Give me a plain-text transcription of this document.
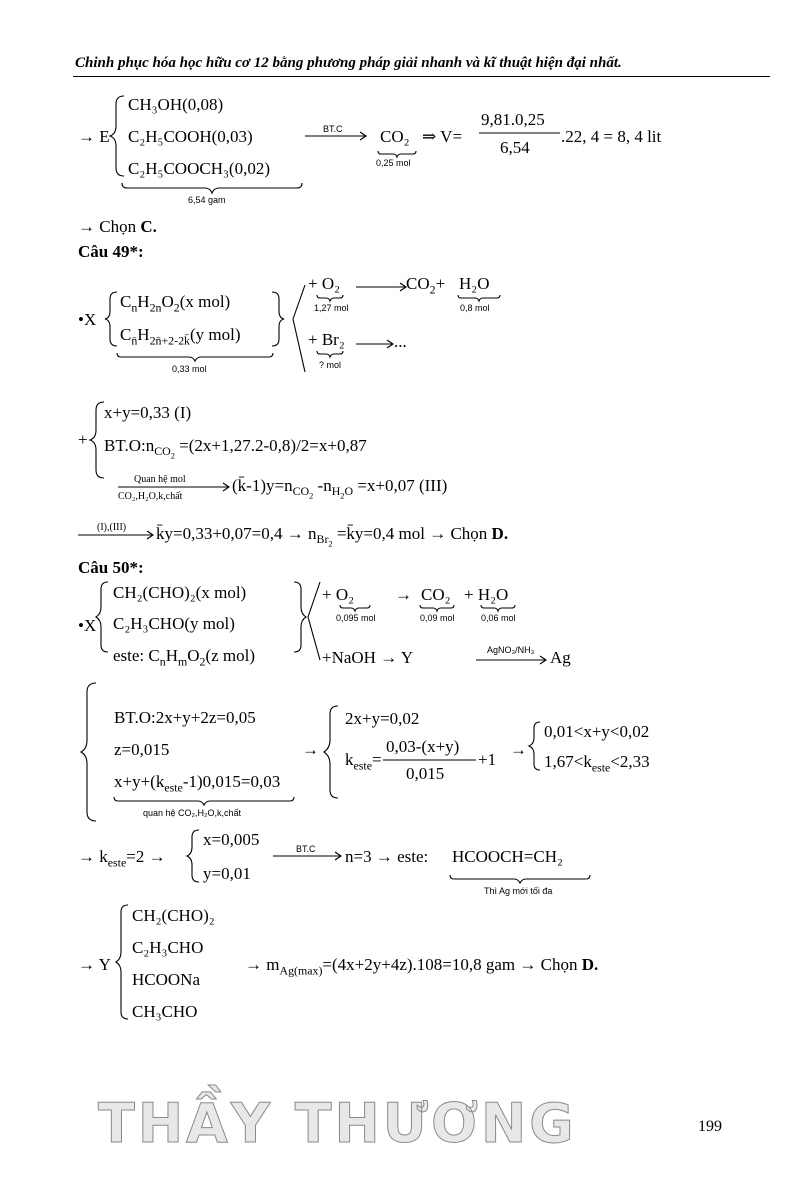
Chinh phục hóa học hữu cơ 12 bằng phương pháp giải nhanh và kĩ thuật hiện đại nhất.
→ E
CH₃OH(0,08)
C₂H₅COOH(0,03)
C₂H₅COOCH₃(0,02)
6,54 gam
BT.C CO₂
0,25 mol
⇒ V=
9,81.0,25
6,54
.22, 4 = 8, 4 lit
→ Chọn C.
Câu 49*:
•X
$C_nH_{2n}O_2(x$ mol)
$C_{n̄}H_{2n̄+2-2k̄}(y$ mol)
0,33 mol
+ O₂
1,27 mol
$CO_2+ H_2O$
0,8 mol
+ Br₂
? mol
...
+
x+y=0,33 (I)
$BT.O:n_{CO_2} =(2x+1,27.2-0,8)/2=x+0,87$
Quan hệ mol
CO₂,H₂O,k,chất
$(k̄-1)y=n_{CO_2}$ $-n_{H_2O} =x+0,07$ (III)
(I),(III) k̄y=0,33+0,07=0,4 → $n_{Br_2}$ =k̄y=0,4 mol → Chọn D.
Câu 50*:
•X
CH₂(CHO)₂(x mol)
C₂H₃CHO(y mol)
este: $C_nH_mO_2(z$ mol)
+ O₂
0,095 mol
→ CO₂
0,09 mol
+ H₂O
0,06 mol
+NaOH → Y	AgNO₃/NH₃ Ag
BT.O:2x+y+2z=0,05
z=0,015
$x+y+(k_{este}-1)0,015=0,03$
quan hệ CO₂,H₂O,k,chất
→
2x+y=0,02
$k_{este}=$
0,03-(x+y)
0,015
+1
→
0,01<x+y<0,02
$1,67<k_{este}<2,33$
→ $k_{este}=2$ →
x=0,005
y=0,01
BT.C n=3 → este: HCOOCH=CH₂
Thì Ag mới tối đa
→ Y
CH₂(CHO)₂
C₂H₃CHO
HCOONa
CH₃CHO
→ $m_{Ag(max)}=(4x+2y+4z).108=10,8$ gam → Chọn D.
THẦY THƯƠNG	199
